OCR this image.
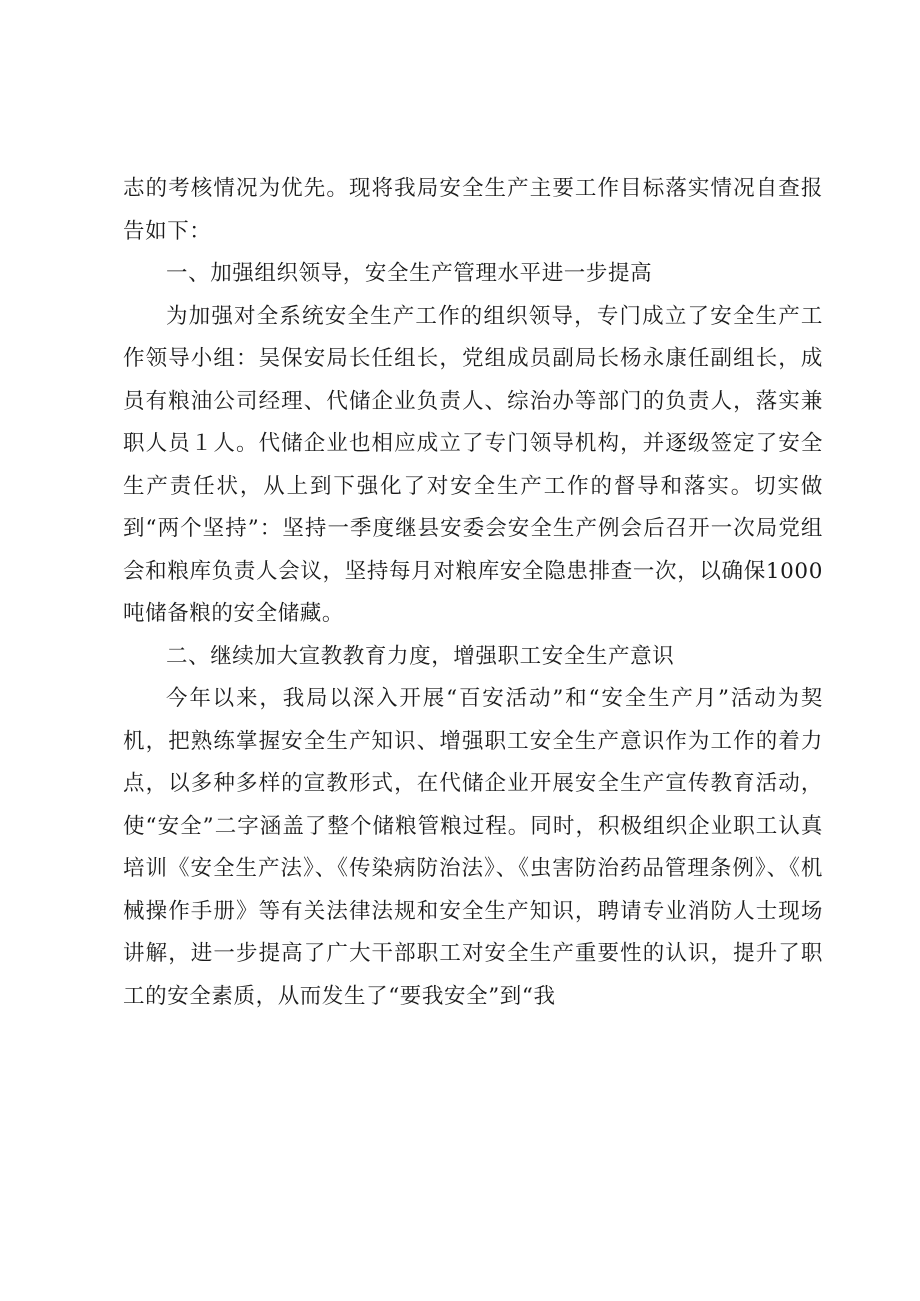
志的考核情况为优先。现将我局安全生产主要工作目标落实情况自查报告如下：

一、加强组织领导，安全生产管理水平进一步提高

为加强对全系统安全生产工作的组织领导，专门成立了安全生产工作领导小组：吴保安局长任组长，党组成员副局长杨永康任副组长，成员有粮油公司经理、代储企业负责人、综治办等部门的负责人，落实兼职人员１人。代储企业也相应成立了专门领导机构，并逐级签定了安全生产责任状，从上到下强化了对安全生产工作的督导和落实。切实做到“两个坚持”：坚持一季度继县安委会安全生产例会后召开一次局党组会和粮库负责人会议，坚持每月对粮库安全隐患排查一次，以确保1000吨储备粮的安全储藏。

二、继续加大宣教教育力度，增强职工安全生产意识

今年以来，我局以深入开展“百安活动”和“安全生产月”活动为契机，把熟练掌握安全生产知识、增强职工安全生产意识作为工作的着力点，以多种多样的宣教形式，在代储企业开展安全生产宣传教育活动，使“安全”二字涵盖了整个储粮管粮过程。同时，积极组织企业职工认真培训《安全生产法》、《传染病防治法》、《虫害防治药品管理条例》、《机械操作手册》等有关法律法规和安全生产知识，聘请专业消防人士现场讲解，进一步提高了广大干部职工对安全生产重要性的认识，提升了职工的安全素质，从而发生了“要我安全”到“我
